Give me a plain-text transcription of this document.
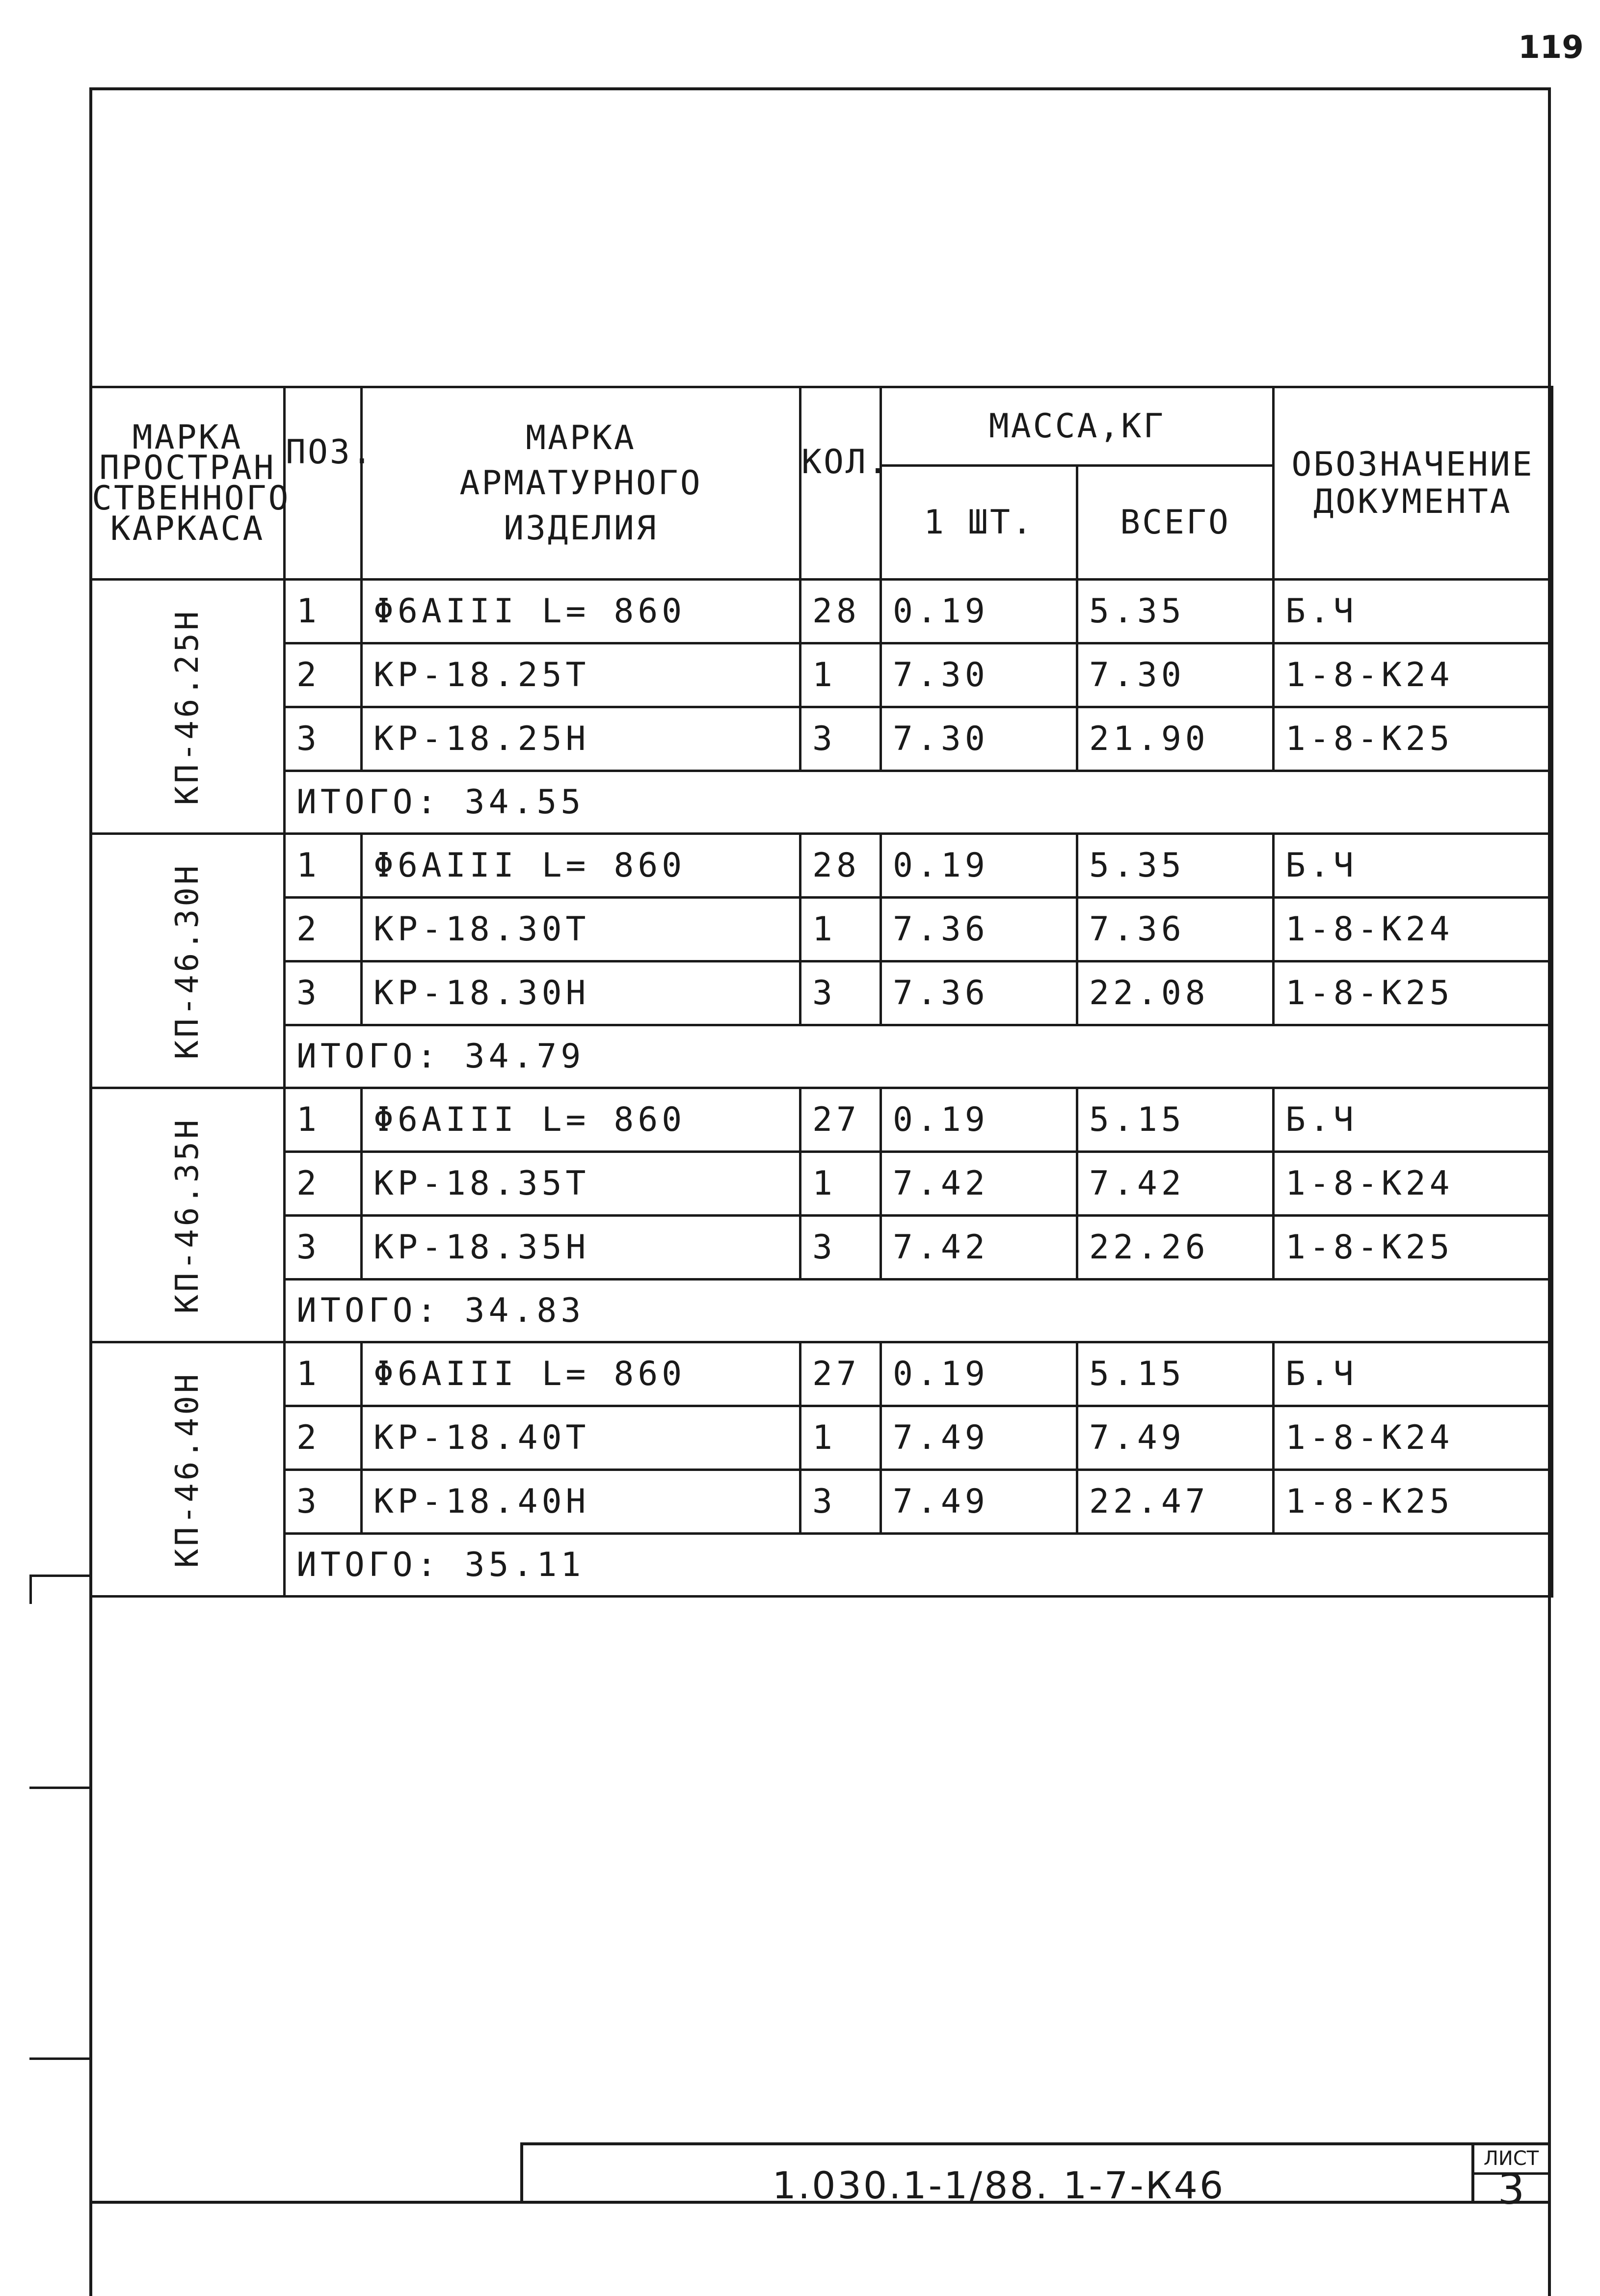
119
МАРКА
ПРОСТРАН
СТВЕННОГО
КАРКАСА	ПОЗ.	МАРКА
АРМАТУРНОГО
ИЗДЕЛИЯ	КОЛ.	МАССА,КГ		ОБОЗНАЧЕНИЕ
ДОКУМЕНТА
				1 ШТ.	ВСЕГО	

КП-46.25Н	1	Φ6AIII L= 860	28	0.19	5.35	Б.Ч
	2	КР-18.25Т	1	7.30	7.30	1-8-К24
	3	КР-18.25Н	3	7.30	21.90	1-8-К25
	ИТОГО: 34.55					

КП-46.30Н	1	Φ6AIII L= 860	28	0.19	5.35	Б.Ч
	2	КР-18.30Т	1	7.36	7.36	1-8-К24
	3	КР-18.30Н	3	7.36	22.08	1-8-К25
	ИТОГО: 34.79					

КП-46.35Н	1	Φ6AIII L= 860	27	0.19	5.15	Б.Ч
	2	КР-18.35Т	1	7.42	7.42	1-8-К24
	3	КР-18.35Н	3	7.42	22.26	1-8-К25
	ИТОГО: 34.83					

КП-46.40Н	1	Φ6AIII L= 860	27	0.19	5.15	Б.Ч
	2	КР-18.40Т	1	7.49	7.49	1-8-К24
	3	КР-18.40Н	3	7.49	22.47	1-8-К25
	ИТОГО: 35.11					
1.030.1-1/88. 1-7-К46
ЛИСТ
3
